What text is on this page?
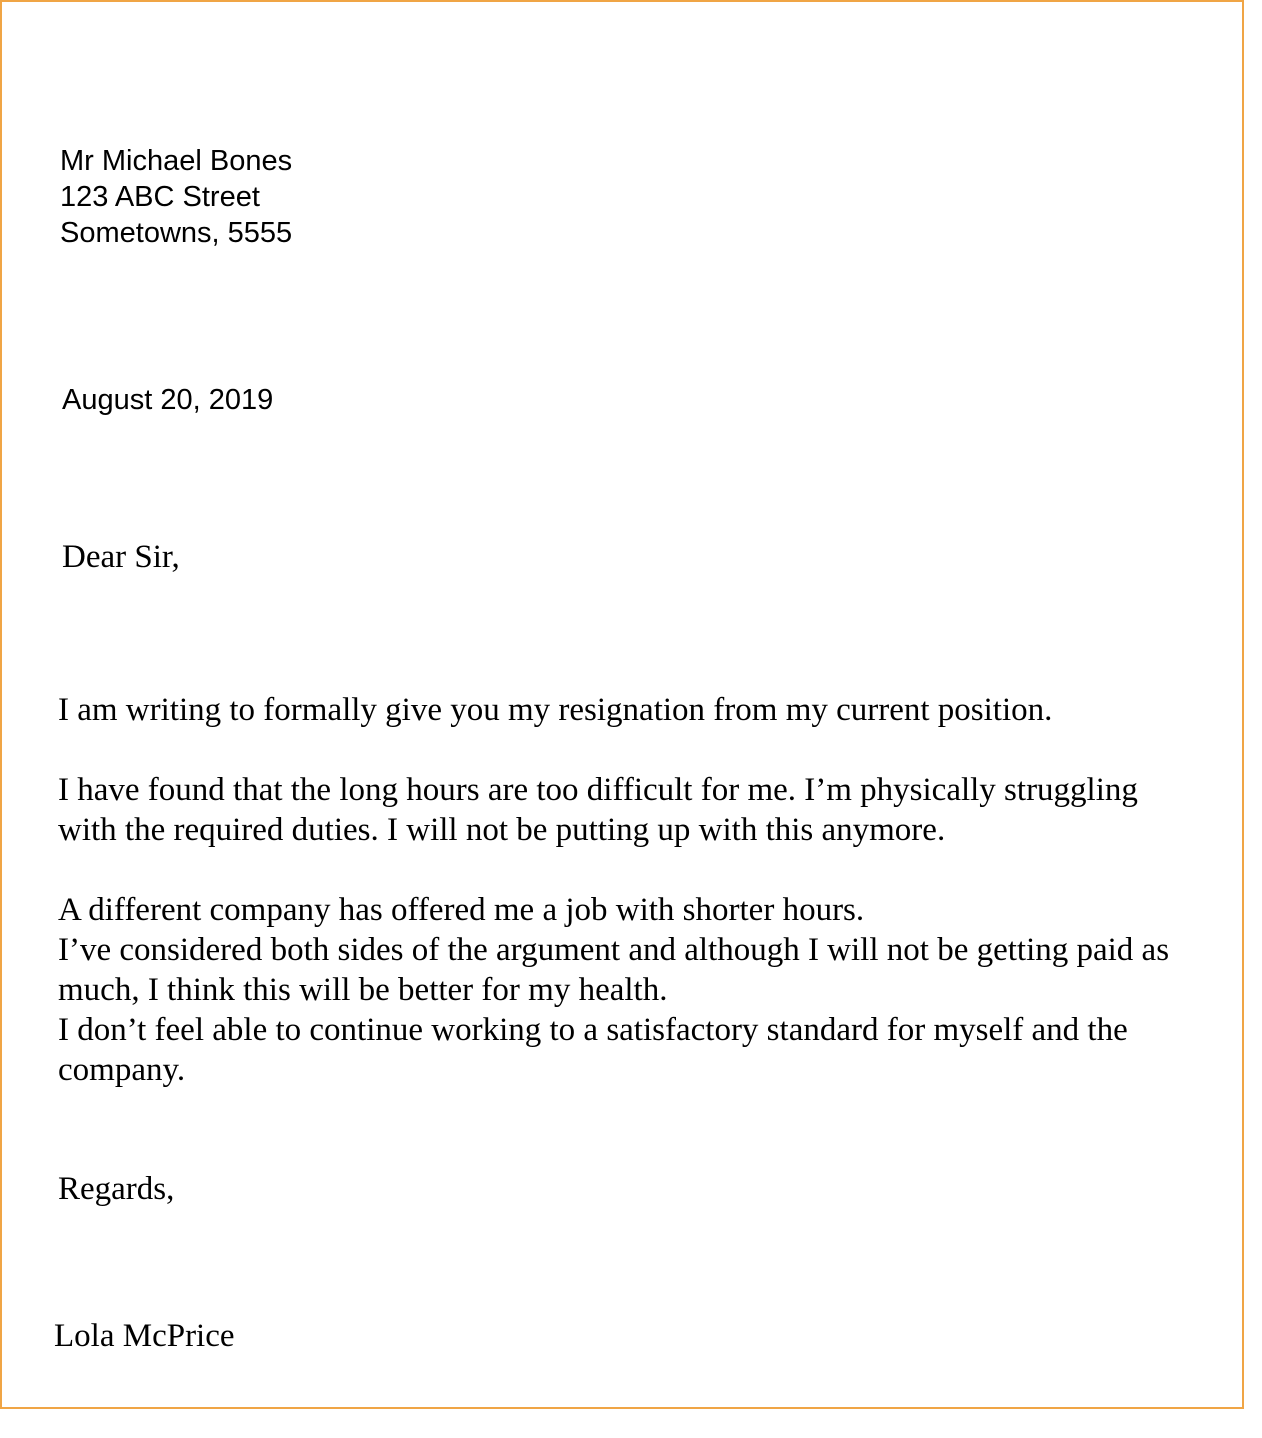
Mr Michael Bones
123 ABC Street
Sometowns, 5555
August 20, 2019
Dear Sir,

I am writing to formally give you my resignation from my current position.

I have found that the long hours are too difficult for me. I’m physically struggling with the required duties. I will not be putting up with this anymore.

A different company has offered me a job with shorter hours.
I’ve considered both sides of the argument and although I will not be getting paid as much, I think this will be better for my health.
I don’t feel able to continue working to a satisfactory standard for myself and the company.

Regards,
Lola McPrice
